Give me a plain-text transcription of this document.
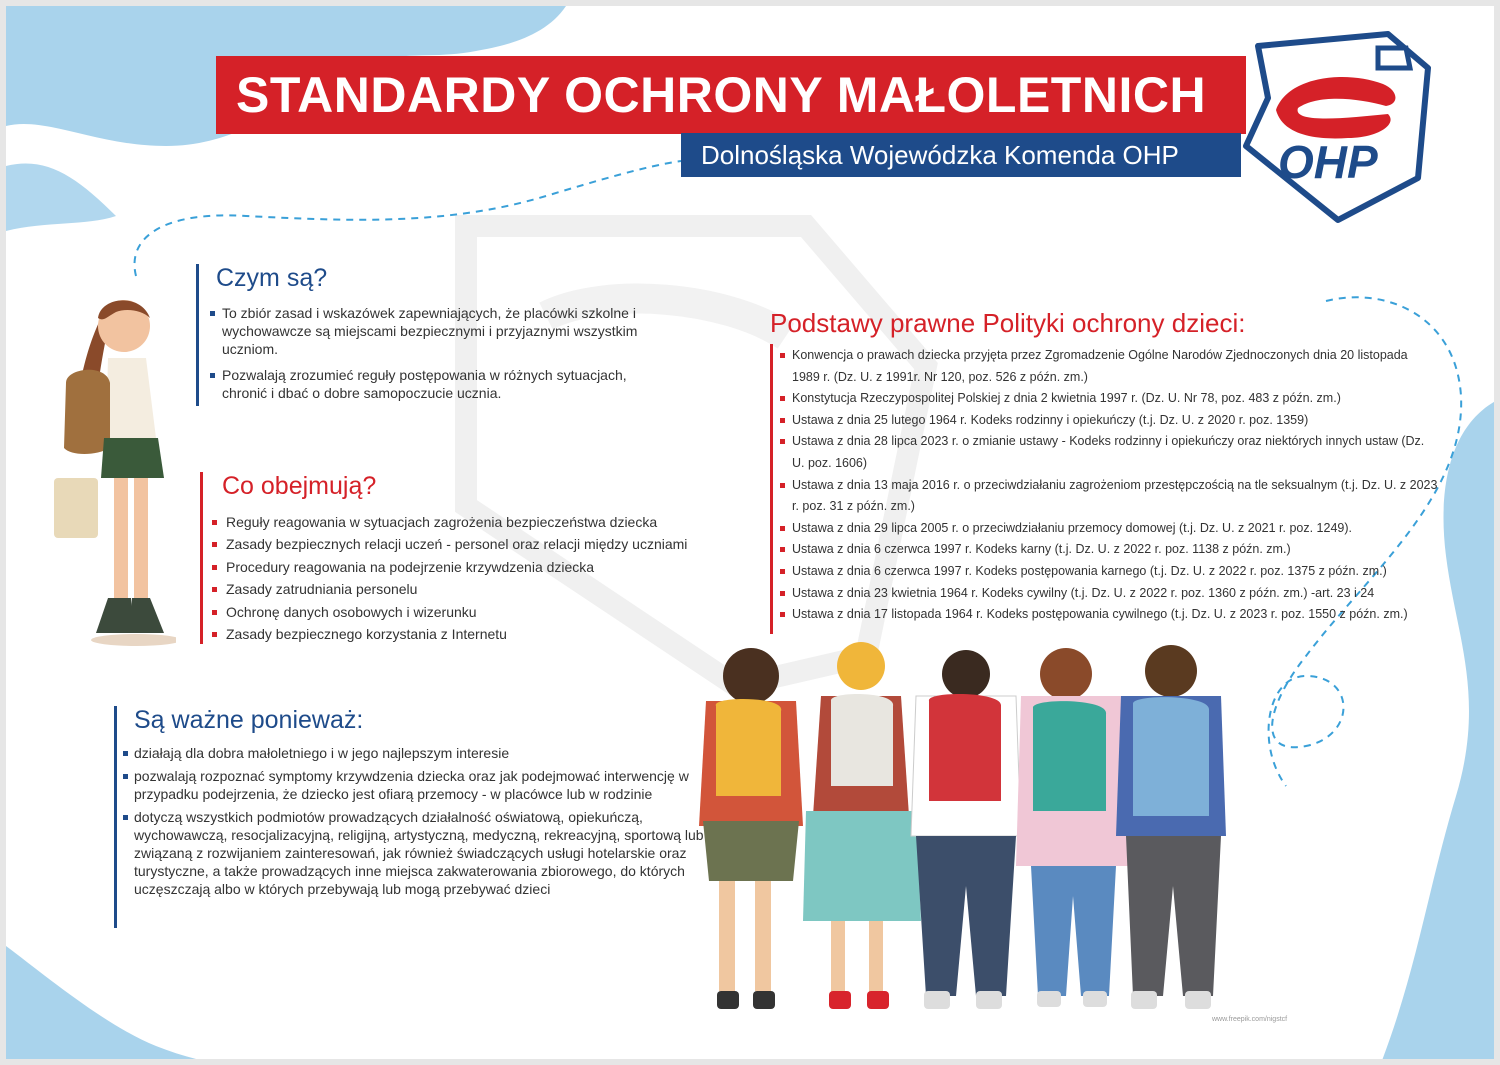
STANDARDY OCHRONY MAŁOLETNICH
Dolnośląska Wojewódzka Komenda OHP OHP
Czym są?
To zbiór zasad i wskazówek zapewniających, że placówki szkolne i wychowawcze są miejscami bezpiecznymi i przyjaznymi wszystkim uczniom.
Pozwalają zrozumieć reguły postępowania w różnych sytuacjach, chronić i dbać o dobre samopoczucie ucznia.
Co obejmują?
Reguły reagowania w sytuacjach zagrożenia bezpieczeństwa dziecka
Zasady bezpiecznych relacji uczeń - personel oraz relacji między uczniami
Procedury reagowania na podejrzenie krzywdzenia dziecka
Zasady zatrudniania personelu
Ochronę danych osobowych i wizerunku
Zasady bezpiecznego korzystania z Internetu
Są ważne ponieważ:
działają dla dobra małoletniego i w jego najlepszym interesie
pozwalają rozpoznać symptomy krzywdzenia dziecka oraz jak podejmować interwencję w przypadku podejrzenia, że dziecko jest ofiarą przemocy - w placówce lub w rodzinie
dotyczą wszystkich podmiotów prowadzących działalność oświatową, opiekuńczą, wychowawczą, resocjalizacyjną, religijną, artystyczną, medyczną, rekreacyjną, sportową lub związaną z rozwijaniem zainteresowań, jak również świadczących usługi hotelarskie oraz turystyczne, a także prowadzących inne miejsca zakwaterowania zbiorowego, do których uczęszczają albo w których przebywają lub mogą przebywać dzieci
Podstawy prawne Polityki ochrony dzieci:
Konwencja o prawach dziecka przyjęta przez Zgromadzenie Ogólne Narodów Zjednoczonych dnia 20 listopada 1989 r. (Dz. U. z 1991r. Nr 120, poz. 526 z późn. zm.)
Konstytucja Rzeczypospolitej Polskiej z dnia 2 kwietnia 1997 r. (Dz. U. Nr 78, poz. 483 z późn. zm.)
Ustawa z dnia 25 lutego 1964 r. Kodeks rodzinny i opiekuńczy (t.j. Dz. U. z 2020 r. poz. 1359)
Ustawa z dnia 28 lipca 2023 r. o zmianie ustawy - Kodeks rodzinny i opiekuńczy oraz niektórych innych ustaw (Dz. U. poz. 1606)
Ustawa z dnia 13 maja 2016 r. o przeciwdziałaniu zagrożeniom przestępczością na tle seksualnym (t.j. Dz. U. z 2023 r. poz. 31 z późn. zm.)
Ustawa z dnia 29 lipca 2005 r. o przeciwdziałaniu przemocy domowej (t.j. Dz. U. z 2021 r. poz. 1249).
Ustawa z dnia 6 czerwca 1997 r. Kodeks karny (t.j. Dz. U. z 2022 r. poz. 1138 z późn. zm.)
Ustawa z dnia 6 czerwca 1997 r. Kodeks postępowania karnego (t.j. Dz. U. z 2022 r. poz. 1375 z późn. zm.)
Ustawa z dnia 23 kwietnia 1964 r. Kodeks cywilny (t.j. Dz. U. z 2022 r. poz. 1360 z późn. zm.) -art. 23 i 24
Ustawa z dnia 17 listopada 1964 r. Kodeks postępowania cywilnego (t.j. Dz. U. z 2023 r. poz. 1550 z późn. zm.)
www.freepik.com/nigstcf
